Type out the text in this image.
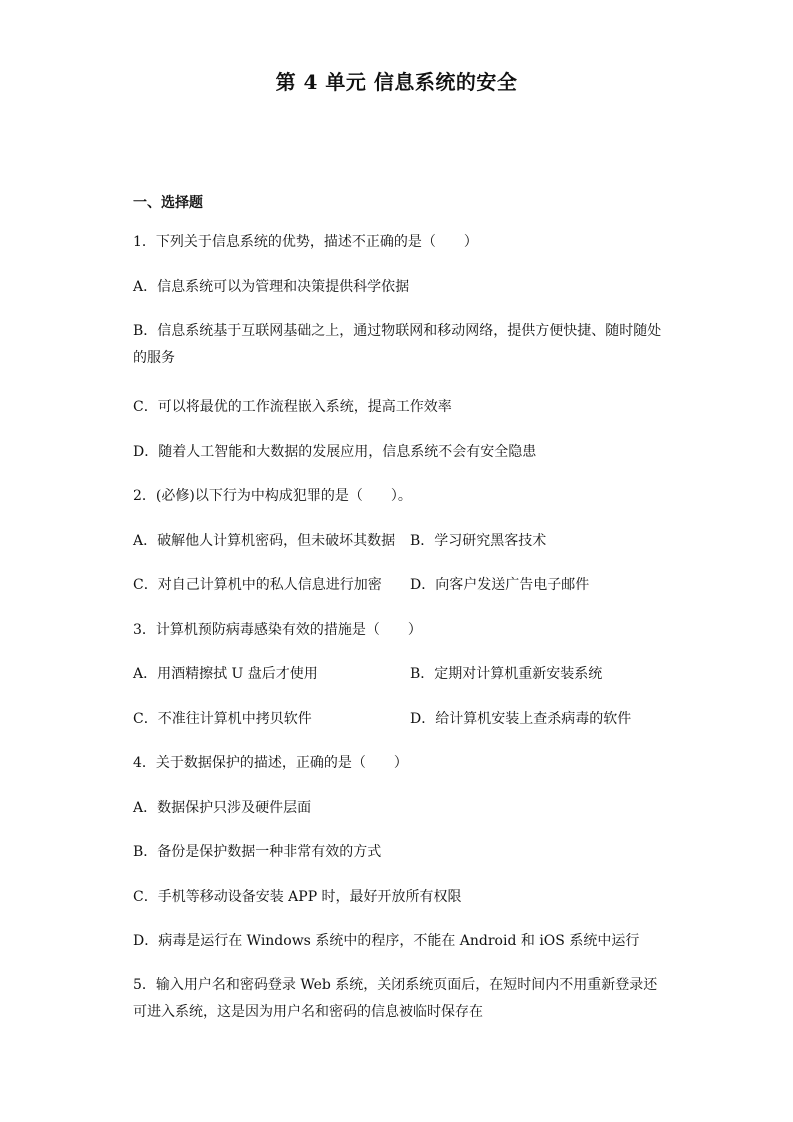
第 4 单元 信息系统的安全
一、选择题
1．下列关于信息系统的优势，描述不正确的是（　　）
A．信息系统可以为管理和决策提供科学依据
B．信息系统基于互联网基础之上，通过物联网和移动网络，提供方便快捷、随时随处的服务
C．可以将最优的工作流程嵌入系统，提高工作效率
D．随着人工智能和大数据的发展应用，信息系统不会有安全隐患
2．(必修)以下行为中构成犯罪的是（　　）。
A．破解他人计算机密码，但未破坏其数据 B．学习研究黑客技术
C．对自己计算机中的私人信息进行加密 D．向客户发送广告电子邮件
3．计算机预防病毒感染有效的措施是（　　）
A．用酒精擦拭 U 盘后才使用	B．定期对计算机重新安装系统
C．不准往计算机中拷贝软件	D．给计算机安装上查杀病毒的软件
4．关于数据保护的描述，正确的是（　　）
A．数据保护只涉及硬件层面
B．备份是保护数据一种非常有效的方式
C．手机等移动设备安装 APP 时，最好开放所有权限
D．病毒是运行在 Windows 系统中的程序，不能在 Android 和 iOS 系统中运行
5．输入用户名和密码登录 Web 系统，关闭系统页面后，在短时间内不用重新登录还可进入系统，这是因为用户名和密码的信息被临时保存在
